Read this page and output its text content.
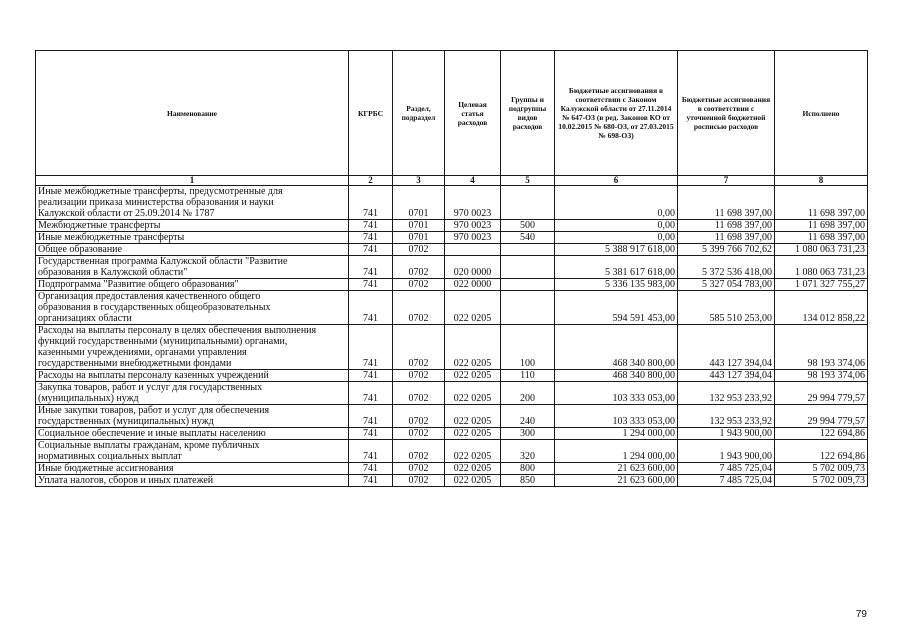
Наименование	КГРБС	Раздел, подраздел	Целевая статья расходов	Группы и подгруппы видов расходов	Бюджетные ассигнования в соответствии с Законом Калужской области от 27.11.2014 № 647-ОЗ (в ред. Законов КО от 10.02.2015 № 680-ОЗ, от 27.03.2015 № 698-ОЗ)	Бюджетные ассигнования в соответствии с уточненной бюджетной росписью расходов	Исполнено
1	2	3	4	5	6	7	8

Иные межбюджетные трансферты, предусмотренные для
реализации приказа министерства образования и науки
Калужской области от 25.09.2014 № 1787	741	0701	970 0023		0,00	11 698 397,00	11 698 397,00

Межбюджетные трансферты	741	0701	970 0023	500	0,00	11 698 397,00	11 698 397,00

Иные межбюджетные трансферты	741	0701	970 0023	540	0,00	11 698 397,00	11 698 397,00

Общее образование	741	0702			5 388 917 618,00	5 399 766 702,62	1 080 063 731,23

Государственная программа Калужской области "Развитие
образования в Калужской области"	741	0702	020 0000		5 381 617 618,00	5 372 536 418,00	1 080 063 731,23

Подпрограмма "Развитие общего образования"	741	0702	022 0000		5 336 135 983,00	5 327 054 783,00	1 071 327 755,27

Организация предоставления качественного общего
образования в государственных общеобразовательных
организациях области	741	0702	022 0205		594 591 453,00	585 510 253,00	134 012 858,22

Расходы на выплаты персоналу в целях обеспечения выполнения
функций государственными (муниципальными) органами,
казенными учреждениями, органами управления
государственными внебюджетными фондами	741	0702	022 0205	100	468 340 800,00	443 127 394,04	98 193 374,06

Расходы на выплаты персоналу казенных учреждений	741	0702	022 0205	110	468 340 800,00	443 127 394,04	98 193 374,06

Закупка товаров, работ и услуг для государственных
(муниципальных) нужд	741	0702	022 0205	200	103 333 053,00	132 953 233,92	29 994 779,57

Иные закупки товаров, работ и услуг для обеспечения
государственных (муниципальных) нужд	741	0702	022 0205	240	103 333 053,00	132 953 233,92	29 994 779,57

Социальное обеспечение и иные выплаты населению	741	0702	022 0205	300	1 294 000,00	1 943 900,00	122 694,86

Социальные выплаты гражданам, кроме публичных
нормативных социальных выплат	741	0702	022 0205	320	1 294 000,00	1 943 900,00	122 694,86

Иные бюджетные ассигнования	741	0702	022 0205	800	21 623 600,00	7 485 725,04	5 702 009,73

Уплата налогов, сборов и иных платежей	741	0702	022 0205	850	21 623 600,00	7 485 725,04	5 702 009,73
79
